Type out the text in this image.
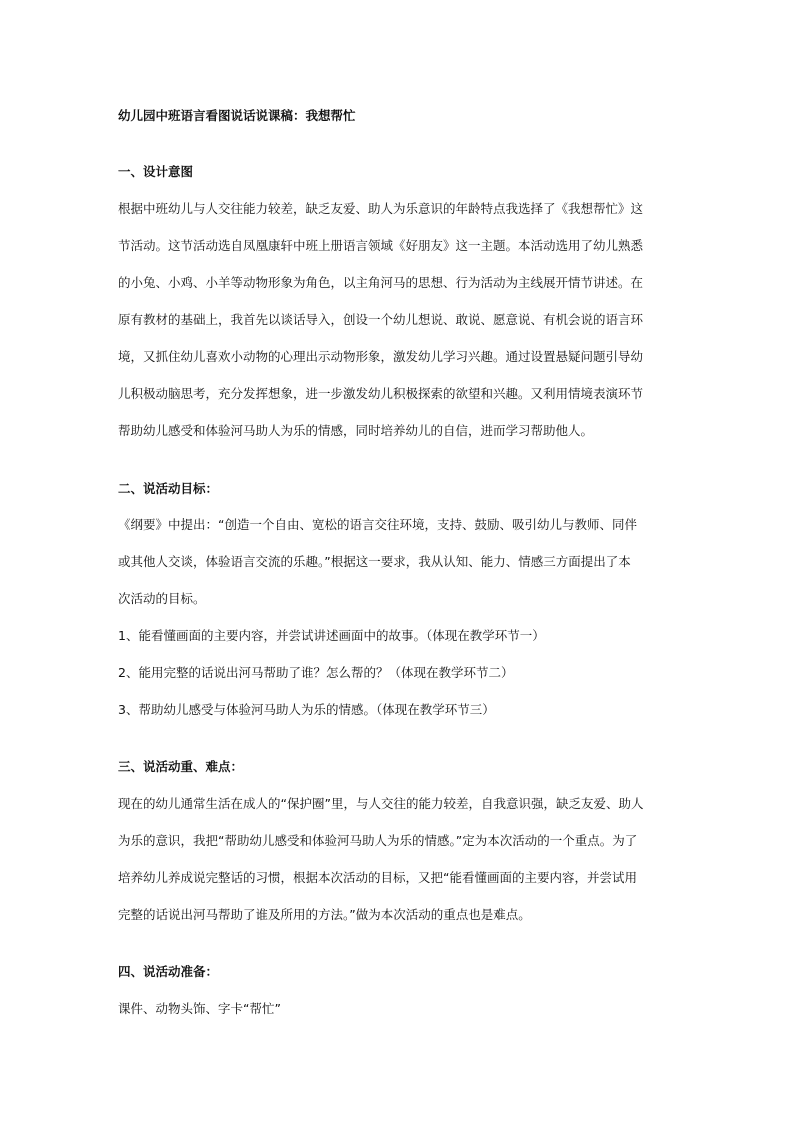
幼儿园中班语言看图说话说课稿：我想帮忙
一、设计意图
根据中班幼儿与人交往能力较差，缺乏友爱、助人为乐意识的年龄特点我选择了《我想帮忙》这
节活动。这节活动选自凤凰康轩中班上册语言领域《好朋友》这一主题。本活动选用了幼儿熟悉
的小兔、小鸡、小羊等动物形象为角色，以主角河马的思想、行为活动为主线展开情节讲述。在
原有教材的基础上，我首先以谈话导入，创设一个幼儿想说、敢说、愿意说、有机会说的语言环
境，又抓住幼儿喜欢小动物的心理出示动物形象，激发幼儿学习兴趣。通过设置悬疑问题引导幼
儿积极动脑思考，充分发挥想象，进一步激发幼儿积极探索的欲望和兴趣。又利用情境表演环节
帮助幼儿感受和体验河马助人为乐的情感，同时培养幼儿的自信，进而学习帮助他人。
二、说活动目标：
《纲要》中提出：“创造一个自由、宽松的语言交往环境，支持、鼓励、吸引幼儿与教师、同伴
或其他人交谈，体验语言交流的乐趣。”根据这一要求，我从认知、能力、情感三方面提出了本
次活动的目标。
1、能看懂画面的主要内容，并尝试讲述画面中的故事。（体现在教学环节一）
2、能用完整的话说出河马帮助了谁？怎么帮的？（体现在教学环节二）
3、帮助幼儿感受与体验河马助人为乐的情感。（体现在教学环节三）
三、说活动重、难点：
现在的幼儿通常生活在成人的“保护圈”里，与人交往的能力较差，自我意识强，缺乏友爱、助人
为乐的意识，我把“帮助幼儿感受和体验河马助人为乐的情感。”定为本次活动的一个重点。为了
培养幼儿养成说完整话的习惯，根据本次活动的目标，又把“能看懂画面的主要内容，并尝试用
完整的话说出河马帮助了谁及所用的方法。”做为本次活动的重点也是难点。
四、说活动准备：
课件、动物头饰、字卡“帮忙”
